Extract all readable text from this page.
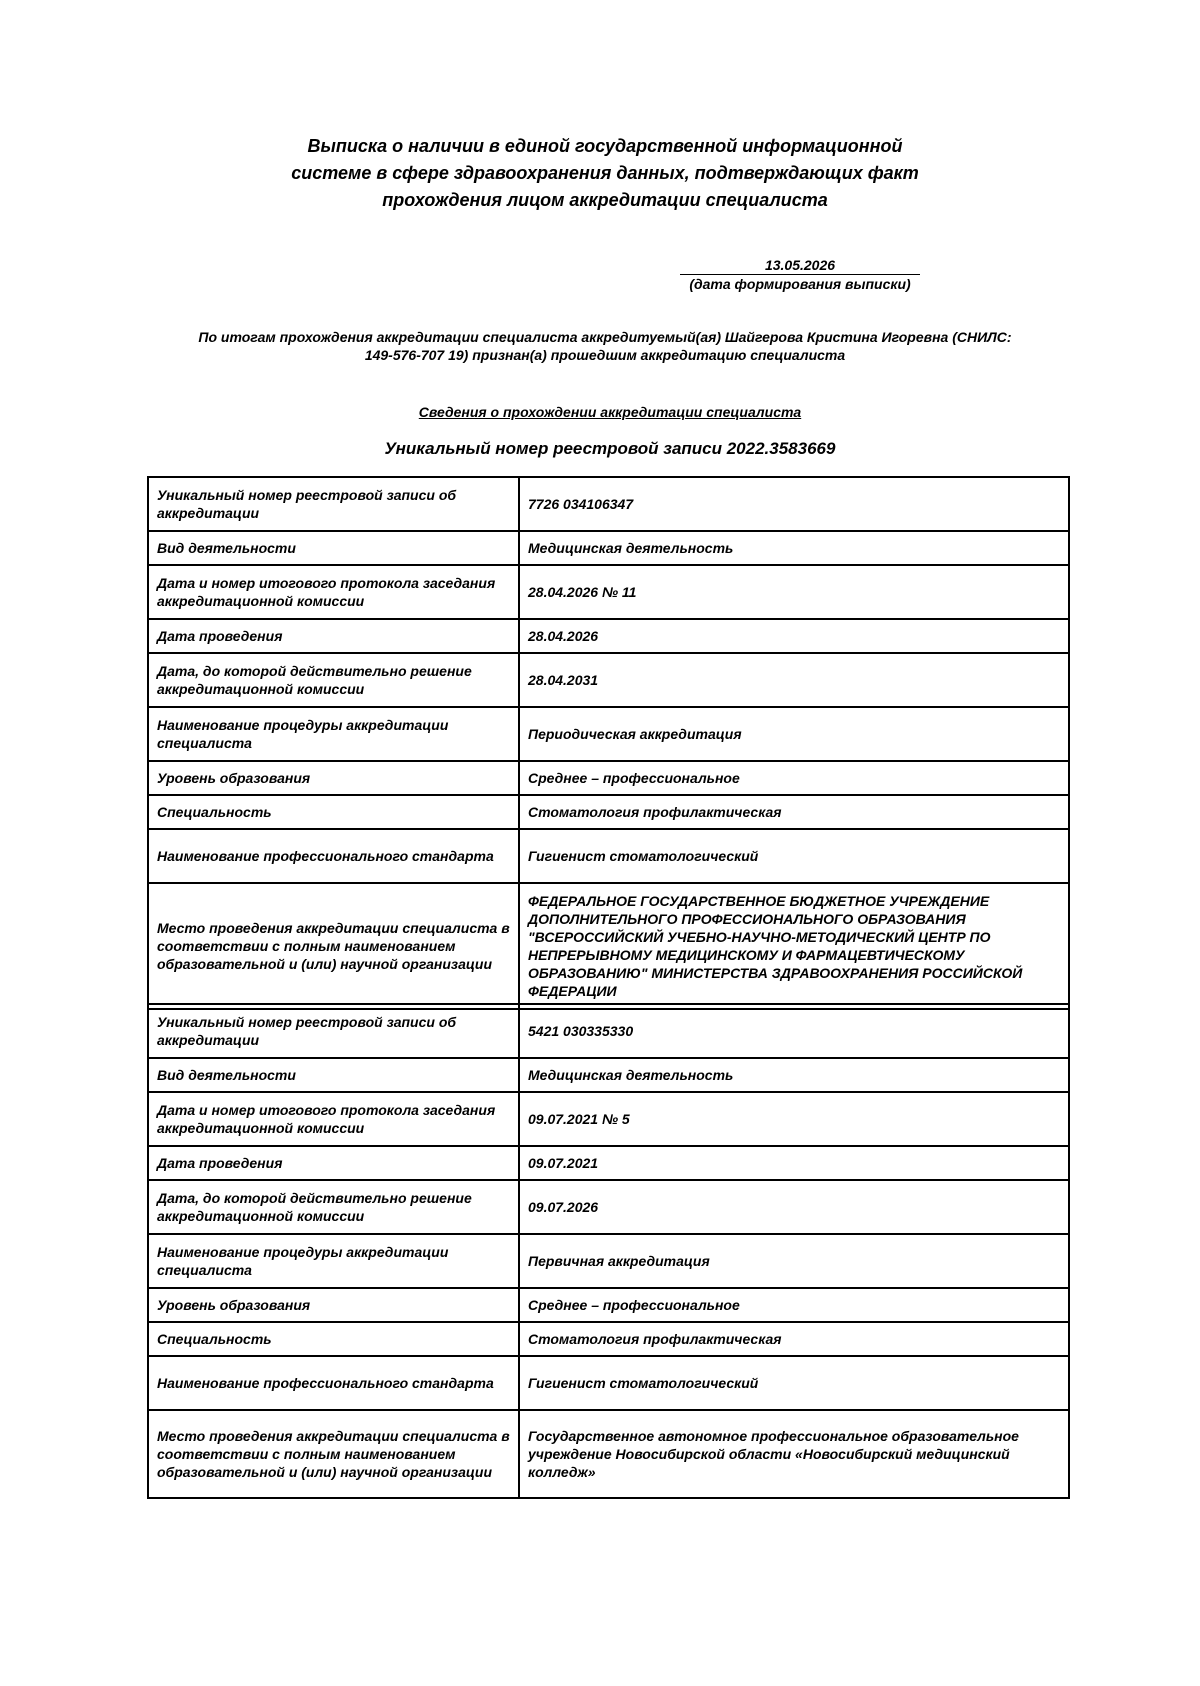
Выписка о наличии в единой государственной информационной
системе в сфере здравоохранения данных, подтверждающих факт
прохождения лицом аккредитации специалиста
13.05.2026
(дата формирования выписки)
По итогам прохождения аккредитации специалиста аккредитуемый(ая) Шайгерова Кристина Игоревна (СНИЛС:
149-576-707 19) признан(а) прошедшим аккредитацию специалиста
Сведения о прохождении аккредитации специалиста
Уникальный номер реестровой записи 2022.3583669
Уникальный номер реестровой записи об аккредитации	7726 034106347
Вид деятельности	Медицинская деятельность
Дата и номер итогового протокола заседания аккредитационной комиссии	28.04.2026 № 11
Дата проведения	28.04.2026
Дата, до которой действительно решение аккредитационной комиссии	28.04.2031
Наименование процедуры аккредитации специалиста	Периодическая аккредитация
Уровень образования	Среднее – профессиональное
Специальность	Стоматология профилактическая
Наименование профессионального стандарта	Гигиенист стоматологический
Место проведения аккредитации специалиста в соответствии с полным наименованием образовательной и (или) научной организации	ФЕДЕРАЛЬНОЕ ГОСУДАРСТВЕННОЕ БЮДЖЕТНОЕ УЧРЕЖДЕНИЕ ДОПОЛНИТЕЛЬНОГО ПРОФЕССИОНАЛЬНОГО ОБРАЗОВАНИЯ "ВСЕРОССИЙСКИЙ УЧЕБНО-НАУЧНО-МЕТОДИЧЕСКИЙ ЦЕНТР ПО НЕПРЕРЫВНОМУ МЕДИЦИНСКОМУ И ФАРМАЦЕВТИЧЕСКОМУ ОБРАЗОВАНИЮ" МИНИСТЕРСТВА ЗДРАВООХРАНЕНИЯ РОССИЙСКОЙ ФЕДЕРАЦИИ
Уникальный номер реестровой записи об аккредитации	5421 030335330
Вид деятельности	Медицинская деятельность
Дата и номер итогового протокола заседания аккредитационной комиссии	09.07.2021 № 5
Дата проведения	09.07.2021
Дата, до которой действительно решение аккредитационной комиссии	09.07.2026
Наименование процедуры аккредитации специалиста	Первичная аккредитация
Уровень образования	Среднее – профессиональное
Специальность	Стоматология профилактическая
Наименование профессионального стандарта	Гигиенист стоматологический
Место проведения аккредитации специалиста в соответствии с полным наименованием образовательной и (или) научной организации	Государственное автономное профессиональное образовательное учреждение Новосибирской области «Новосибирский медицинский колледж»
